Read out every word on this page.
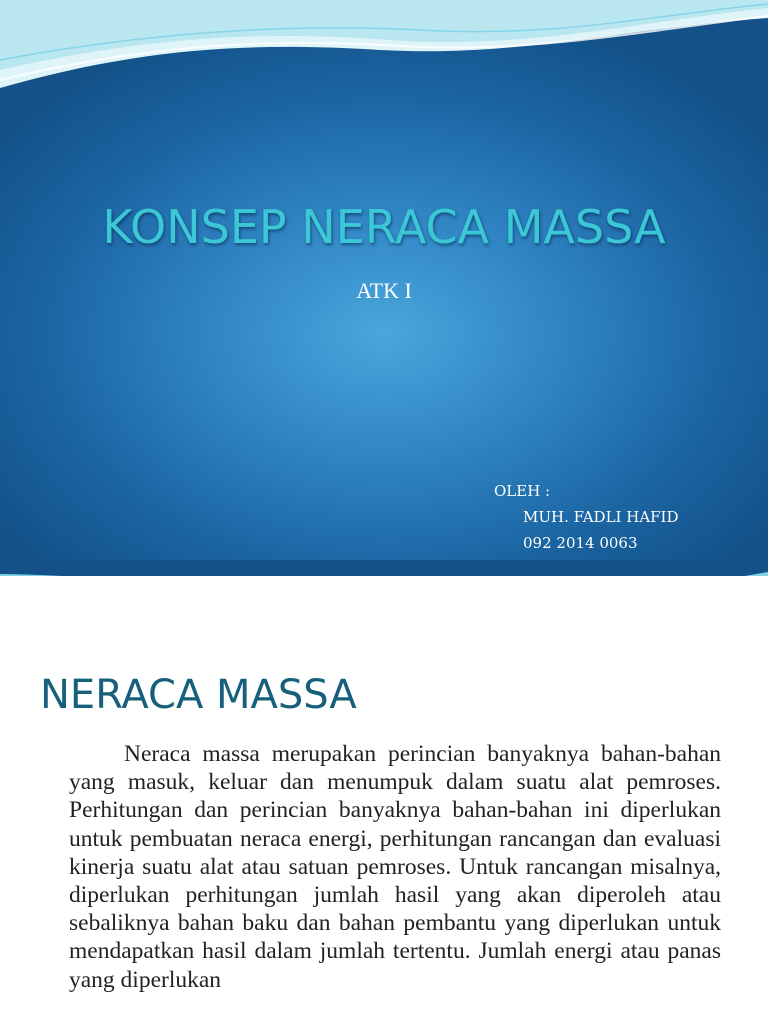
KONSEP NERACA MASSA
ATK I
OLEH :
MUH. FADLI HAFID
092 2014 0063
NERACA MASSA

Neraca massa merupakan perincian banyaknya bahan-bahan yang masuk, keluar dan menumpuk dalam suatu alat pemroses. Perhitungan dan perincian banyaknya bahan-bahan ini diperlukan untuk pembuatan neraca energi, perhitungan rancangan dan evaluasi kinerja suatu alat atau satuan pemroses. Untuk rancangan misalnya, diperlukan perhitungan jumlah hasil yang akan diperoleh atau sebaliknya bahan baku dan bahan pembantu yang diperlukan untuk mendapatkan hasil dalam jumlah tertentu. Jumlah energi atau panas yang diperlukan
